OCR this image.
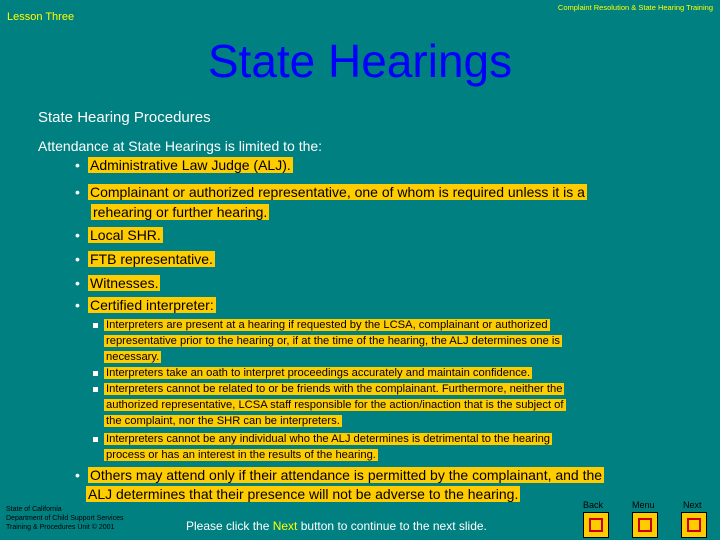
Lesson Three
Complaint Resolution & State Hearing Training
State Hearings
State Hearing Procedures
Attendance at State Hearings is limited to the:
• Administrative Law Judge (ALJ).
• Complainant or authorized representative, one of whom is required unless it is a
rehearing or further hearing.
• Local SHR.
• FTB representative.
• Witnesses.
• Certified interpreter:
Interpreters are present at a hearing if requested by the LCSA, complainant or authorized
representative prior to the hearing or, if at the time of the hearing, the ALJ determines one is
necessary.
Interpreters take an oath to interpret proceedings accurately and maintain confidence.
Interpreters cannot be related to or be friends with the complainant. Furthermore, neither the
authorized representative, LCSA staff responsible for the action/inaction that is the subject of
the complaint, nor the SHR can be interpreters.
Interpreters cannot be any individual who the ALJ determines is detrimental to the hearing
process or has an interest in the results of the hearing.
• Others may attend only if their attendance is permitted by the complainant, and the
ALJ determines that their presence will not be adverse to the hearing.
State of California
Department of Child Support Services
Training & Procedures Unit © 2001	Please click the Next button to continue to the next slide.
Back	Menu	Next
